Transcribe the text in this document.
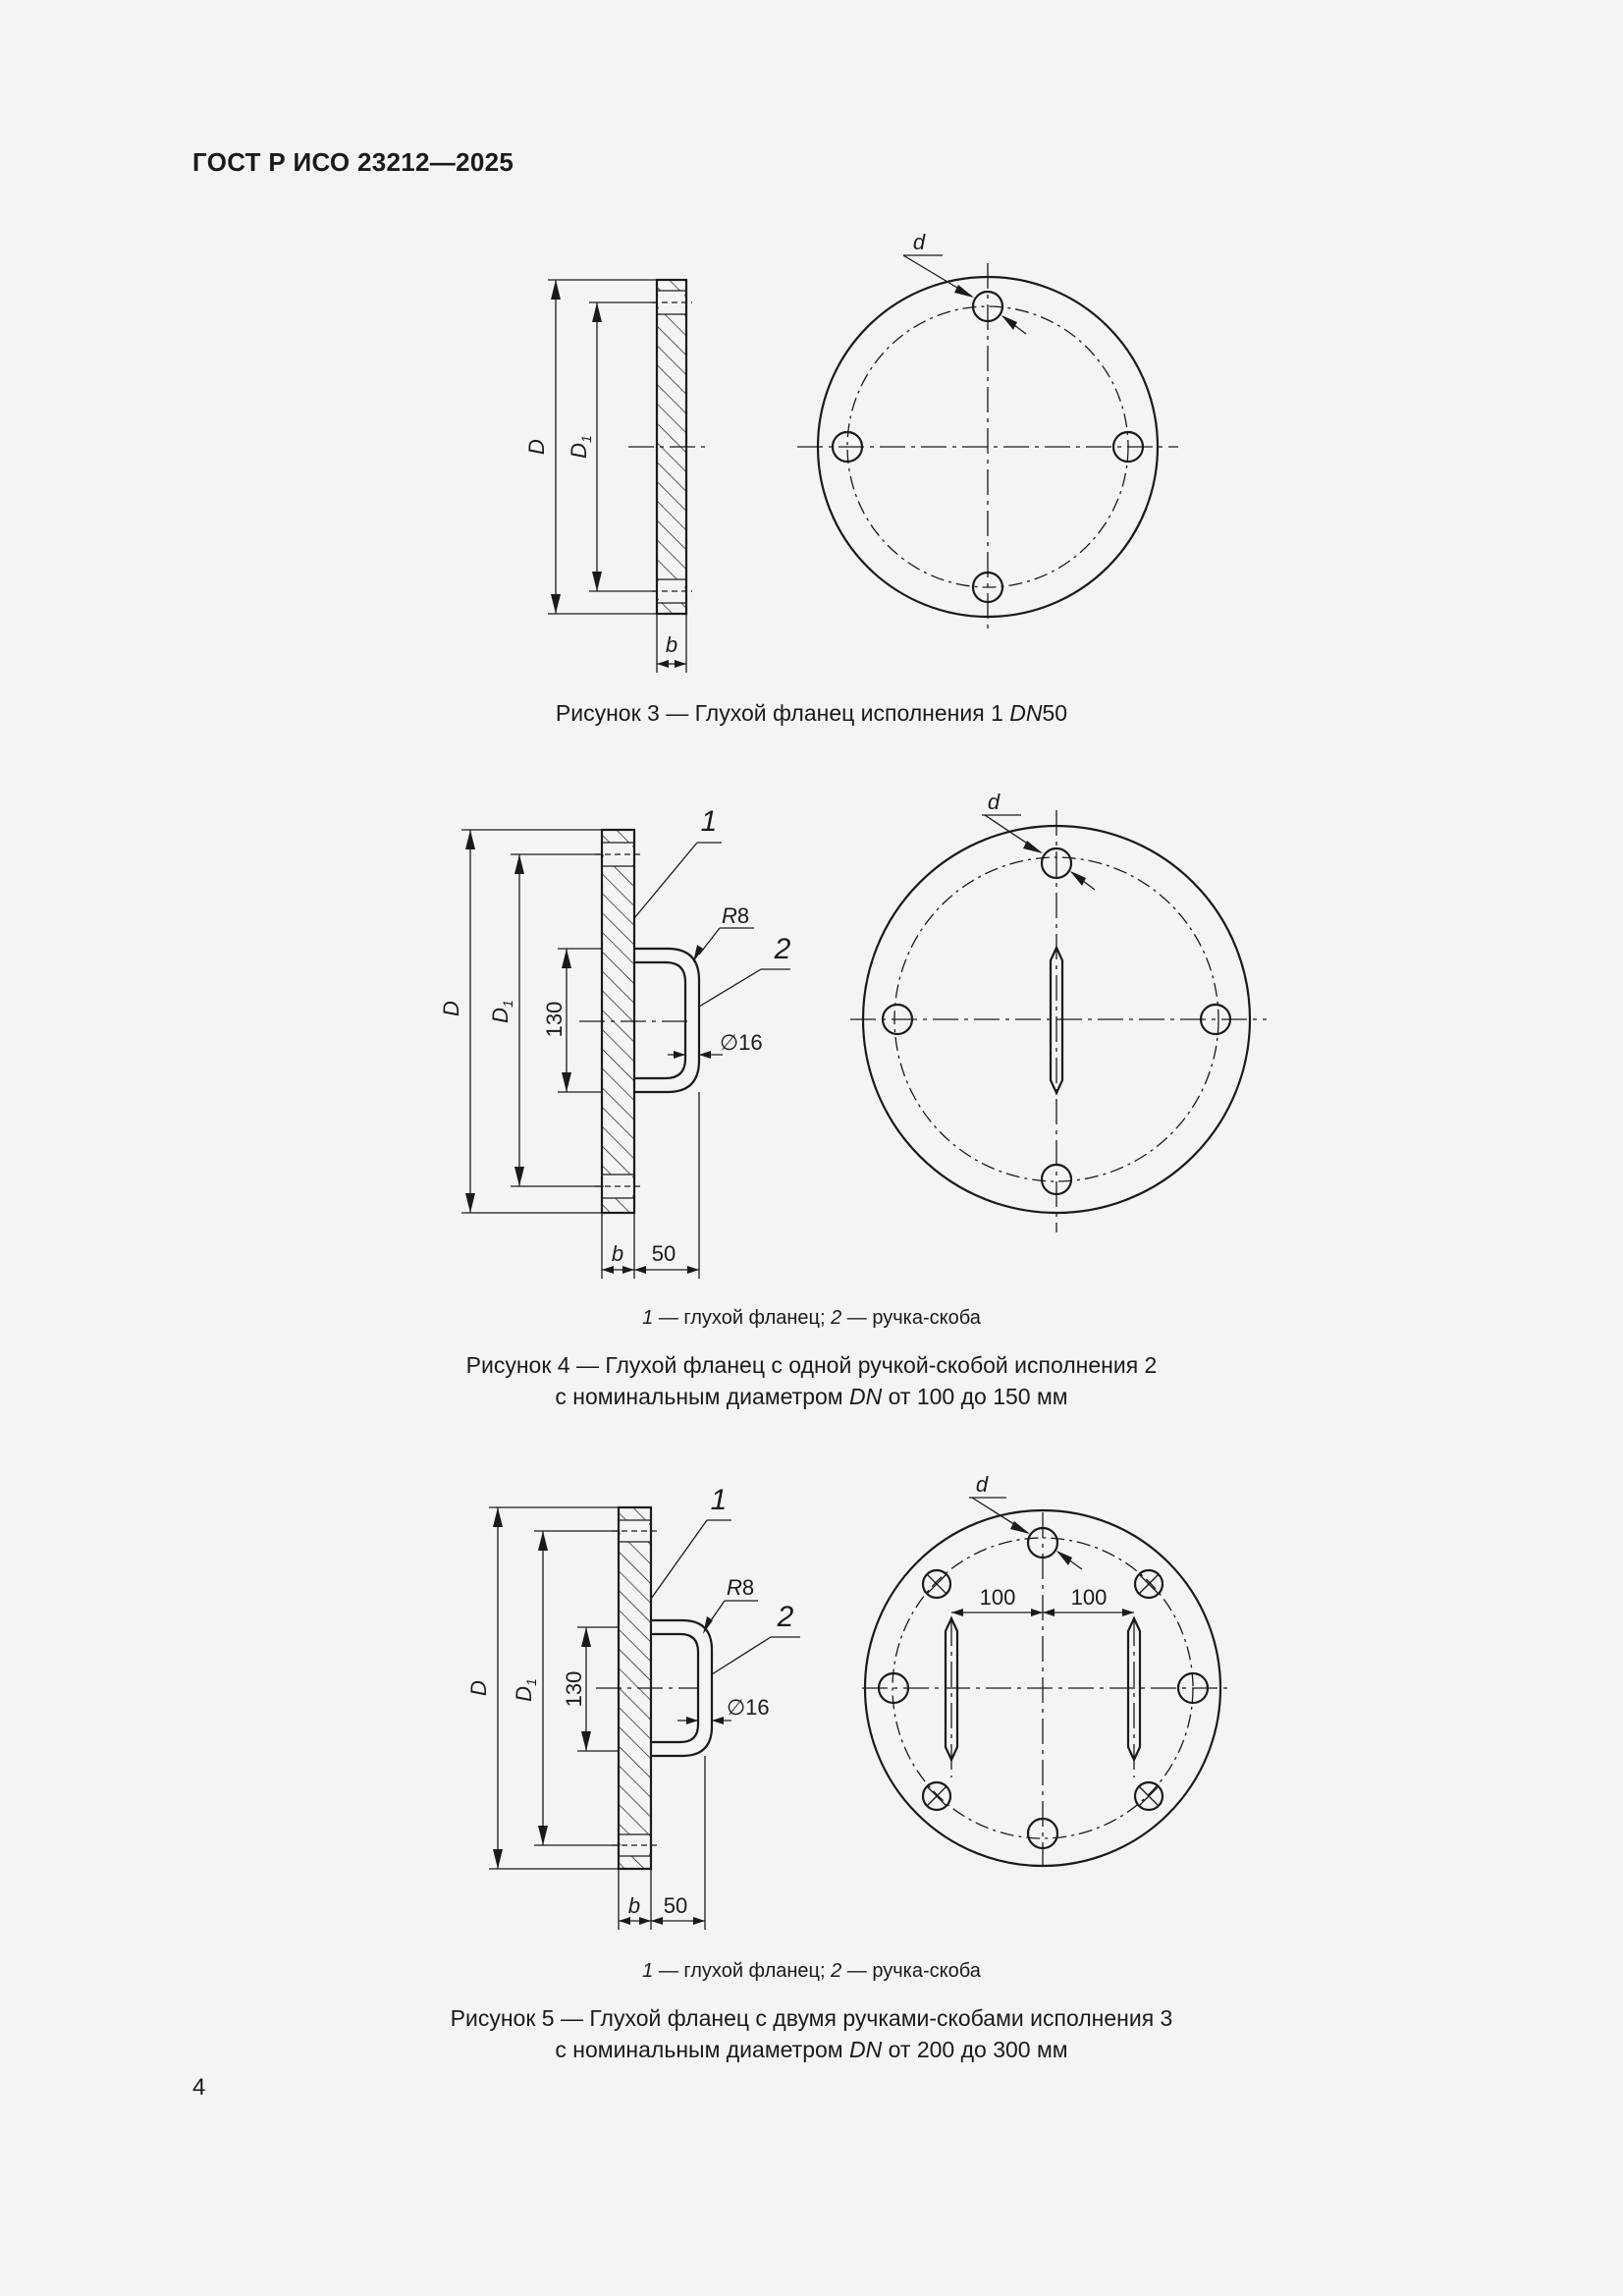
ГОСТ Р ИСО 23212—2025
D $D_1$
b
d
Рисунок 3 — Глухой фланец исполнения 1 DN50
D $D_1$ 130
b 50
∅16
R8
1
2
d
1 — глухой фланец; 2 — ручка-скоба
Рисунок 4 — Глухой фланец с одной ручкой-скобой исполнения 2
с номинальным диаметром DN от 100 до 150 мм
D $D_1$ 130
b 50
∅16
R8
1
2
100	100
d
1 — глухой фланец; 2 — ручка-скоба
Рисунок 5 — Глухой фланец с двумя ручками-скобами исполнения 3
с номинальным диаметром DN от 200 до 300 мм
4
